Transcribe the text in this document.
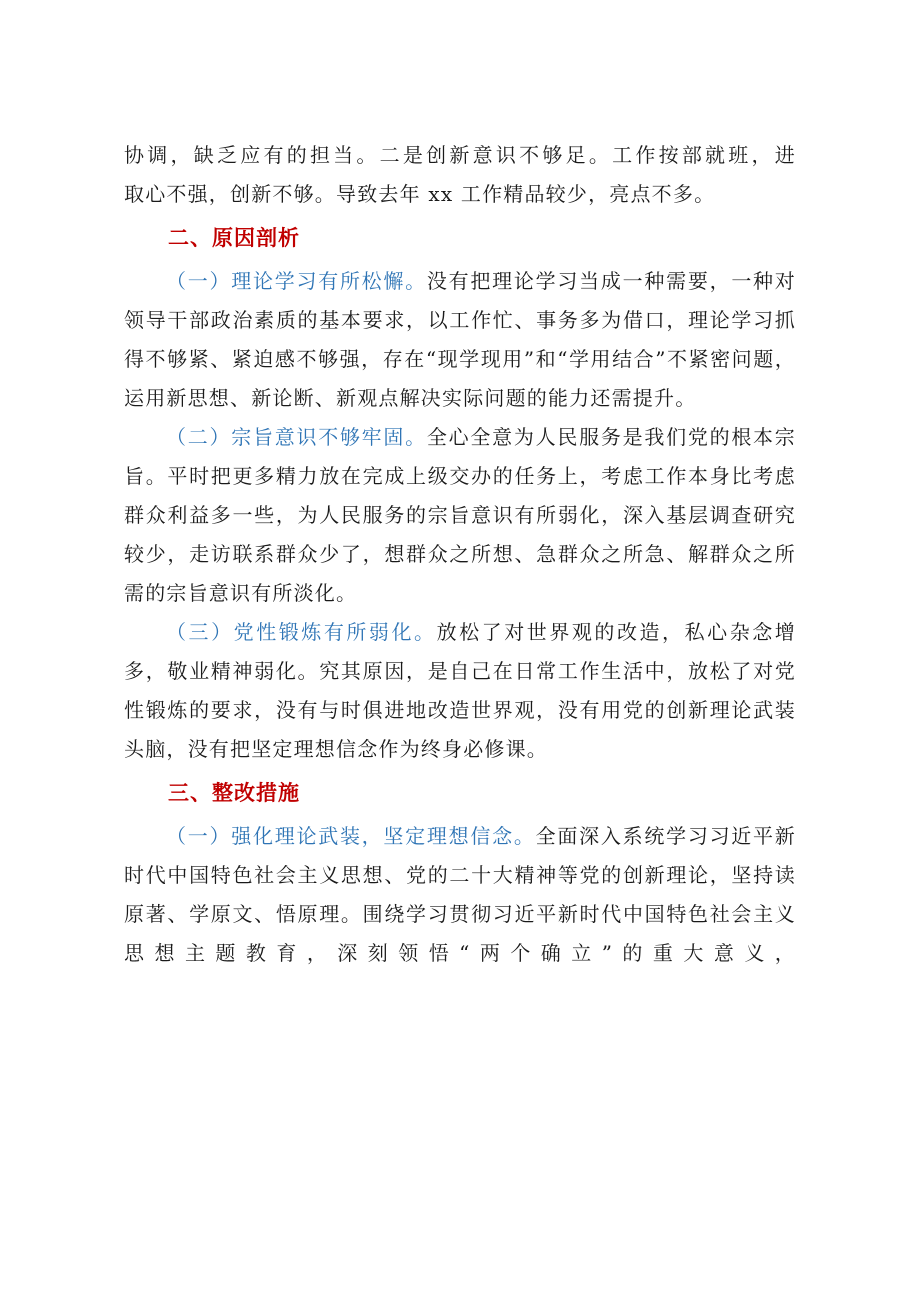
协调，缺乏应有的担当。二是创新意识不够足。工作按部就班，进

取心不强，创新不够。导致去年 xx 工作精品较少，亮点不多。

二、原因剖析

（一）理论学习有所松懈。没有把理论学习当成一种需要，一种对领导干部政治素质的基本要求，以工作忙、事务多为借口，理论学习抓得不够紧、紧迫感不够强，存在“现学现用”和“学用结合”不紧密问题，运用新思想、新论断、新观点解决实际问题的能力还需提升。

（二）宗旨意识不够牢固。全心全意为人民服务是我们党的根本宗旨。平时把更多精力放在完成上级交办的任务上，考虑工作本身比考虑群众利益多一些，为人民服务的宗旨意识有所弱化，深入基层调查研究较少，走访联系群众少了，想群众之所想、急群众之所急、解群众之所需的宗旨意识有所淡化。

（三）党性锻炼有所弱化。放松了对世界观的改造，私心杂念增多，敬业精神弱化。究其原因，是自己在日常工作生活中，放松了对党性锻炼的要求，没有与时俱进地改造世界观，没有用党的创新理论武装头脑，没有把坚定理想信念作为终身必修课。

三、整改措施

（一）强化理论武装，坚定理想信念。全面深入系统学习习近平新时代中国特色社会主义思想、党的二十大精神等党的创新理论，坚持读原著、学原文、悟原理。围绕学习贯彻习近平新时代中国特色社会主义思想主题教育，深刻领悟“两个确立”的重大意义，
